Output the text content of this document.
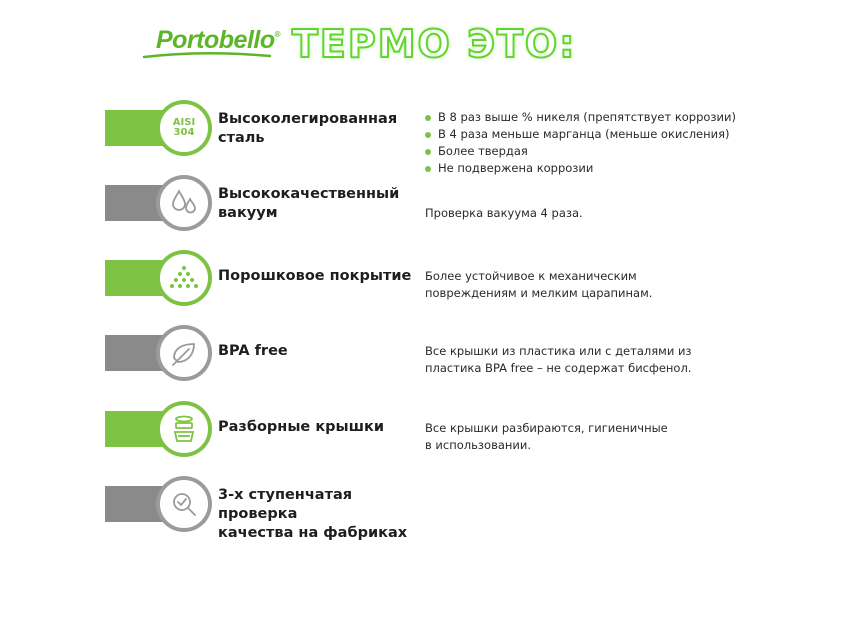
Portobello® ТЕРМО ЭТО:
AISI
304
Высоколегированная
сталь
В 8 раз выше % никеля (препятствует коррозии)
В 4 раза меньше марганца (меньше окисления)
Более твердая
Не подвержена коррозии
Высококачественный
вакуум	Проверка вакуума 4 раза.
Порошковое покрытие	Более устойчивое к механическим
повреждениям и мелким царапинам.
BPA free	Все крышки из пластика или с деталями из
пластика BPA free – не содержат бисфенол.
Разборные крышки	Все крышки разбираются, гигиеничные
в использовании.
3-х ступенчатая проверка
качества на фабриках
